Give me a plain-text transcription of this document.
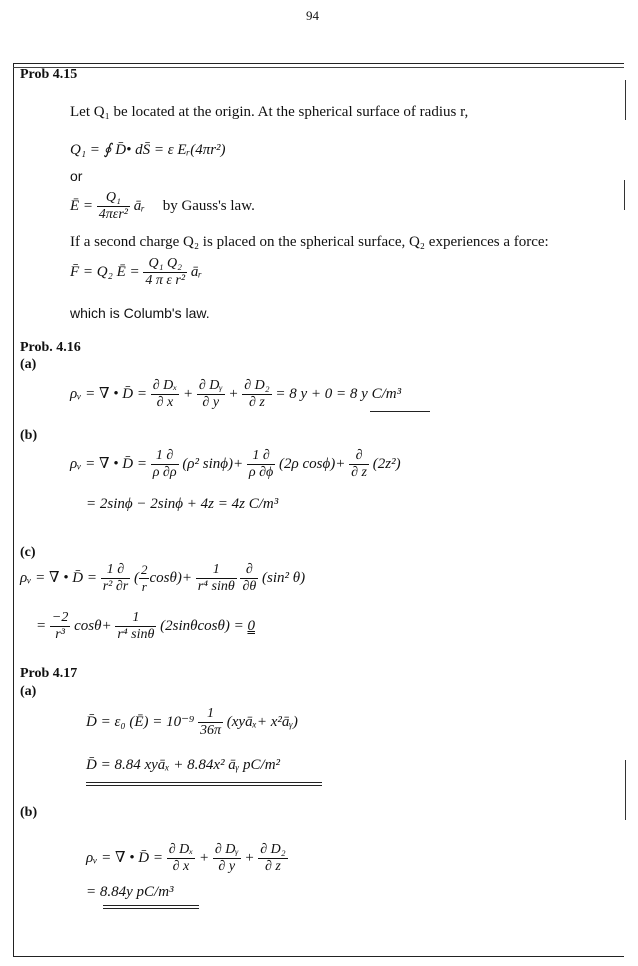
94
Prob 4.15
Let Q₁ be located at the origin. At the spherical surface of radius r,
Q₁ = ∮ D̄• dS̄ = ε Eᵣ(4πr²)
or
Ē = $\frac{\text{Q₁}}{\text{4πεr²}}$ āᵣ by Gauss's law.
If a second charge Q₂ is placed on the spherical surface, Q₂ experiences a force:
F̄ = Q₂ Ē = $\frac{\text{Q₁ Q₂}}{\text{4 π ε r²}}$ āᵣ
which is Columb's law.
Prob. 4.16
(a)
ρᵥ = ∇ • D̄ = $\frac{\text{∂ Dₓ}}{\partial x} + \frac{\text{∂ Dᵧ}}{\partial y} + \frac{\text{∂ D₂}}{\partial z} = 8$ y + 0 = 8 y C/m³
(b)
ρᵥ = ∇ • D̄ = $\frac{1 \partial}{\rho \partial\rho} (\rho^2$ $\sin\phi)+ \frac{1 \partial}{\rho \partial\phi} (2\rho$ $\cos\phi)+ \frac{\partial}{\partial z} (2z^2)$
= 2sinϕ − 2sinϕ + 4z = 4z C/m³
(c)
ρᵥ = ∇ • D̄ = $\frac{1 \partial}{\text{r² ∂r}}$ ( $\frac{2}{r} \cos\theta)+ \frac{1}{\text{r⁴ sinθ}}$
$\frac{\partial}{\partial\theta} (\sin^2$ θ)
= $\frac{-2}{\text{r³}} \cos\theta+ \frac{1}{\text{r⁴ sinθ}} (2\sin\theta\cos\theta) = 0$
Prob 4.17
(a)
D̄ = ε₀ (Ē) = $10^{-9} \frac{1}{36\pi}$ (xyāₓ+ x²āᵧ)
D̄ = 8.84 xyāₓ + 8.84x² āᵧ pC/m²
(b)
ρᵥ = ∇ • D̄ = $\frac{\text{∂ Dₓ}}{\partial x} + \frac{\text{∂ Dᵧ}}{\partial y} + \frac{\text{∂ D₂}}{\partial z}$
= 8.84y pC/m³
